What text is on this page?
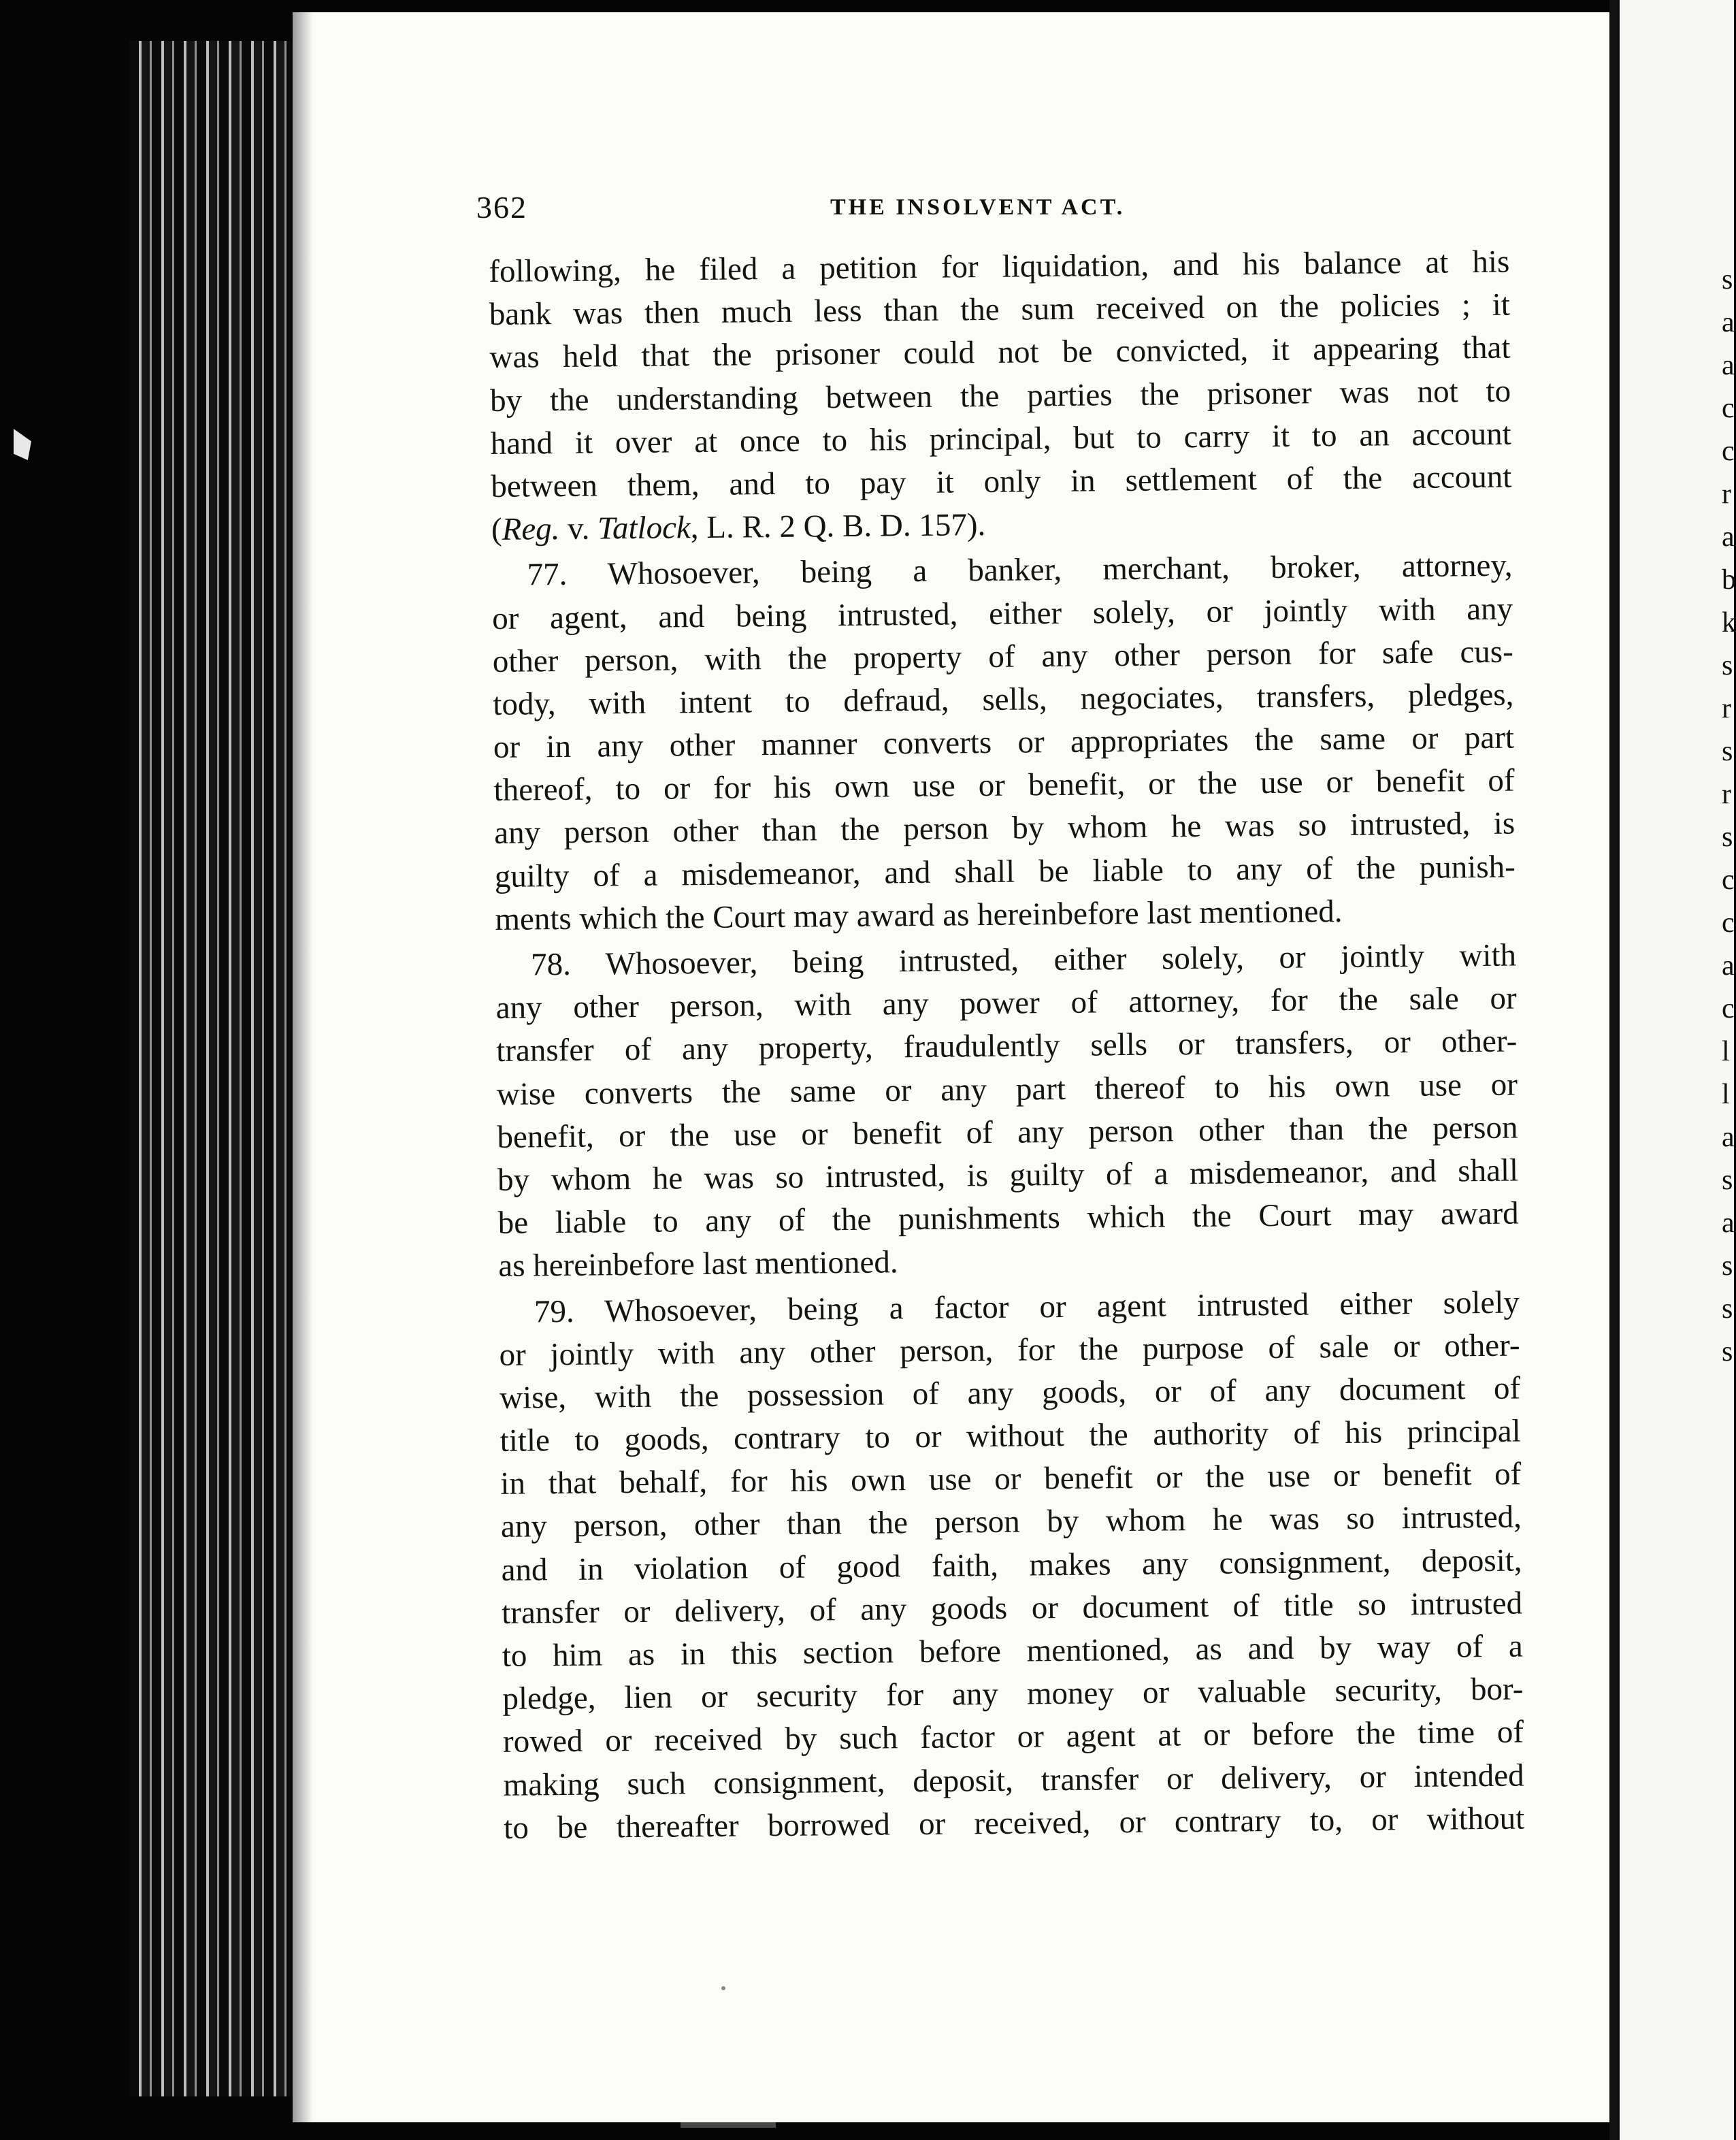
s
a
a
c
c
r
a
b
k
s
r
s
r
s
c
c
a
c
l
l
a
s
a
s
s
s
362	THE INSOLVENT ACT.
following, he filed a petition for liquidation, and his balance at his
bank was then much less than the sum received on the policies ; it
was held that the prisoner could not be convicted, it appearing that
by the understanding between the parties the prisoner was not to
hand it over at once to his principal, but to carry it to an account
between them, and to pay it only in settlement of the account
(Reg. v. Tatlock, L. R. 2 Q. B. D. 157).
77. Whosoever, being a banker, merchant, broker, attorney,
or agent, and being intrusted, either solely, or jointly with any
other person, with the property of any other person for safe cus-
tody, with intent to defraud, sells, negociates, transfers, pledges,
or in any other manner converts or appropriates the same or part
thereof, to or for his own use or benefit, or the use or benefit of
any person other than the person by whom he was so intrusted, is
guilty of a misdemeanor, and shall be liable to any of the punish-
ments which the Court may award as hereinbefore last mentioned.
78. Whosoever, being intrusted, either solely, or jointly with
any other person, with any power of attorney, for the sale or
transfer of any property, fraudulently sells or transfers, or other-
wise converts the same or any part thereof to his own use or
benefit, or the use or benefit of any person other than the person
by whom he was so intrusted, is guilty of a misdemeanor, and shall
be liable to any of the punishments which the Court may award
as hereinbefore last mentioned.
79. Whosoever, being a factor or agent intrusted either solely
or jointly with any other person, for the purpose of sale or other-
wise, with the possession of any goods, or of any document of
title to goods, contrary to or without the authority of his principal
in that behalf, for his own use or benefit or the use or benefit of
any person, other than the person by whom he was so intrusted,
and in violation of good faith, makes any consignment, deposit,
transfer or delivery, of any goods or document of title so intrusted
to him as in this section before mentioned, as and by way of a
pledge, lien or security for any money or valuable security, bor-
rowed or received by such factor or agent at or before the time of
making such consignment, deposit, transfer or delivery, or intended
to be thereafter borrowed or received, or contrary to, or without
